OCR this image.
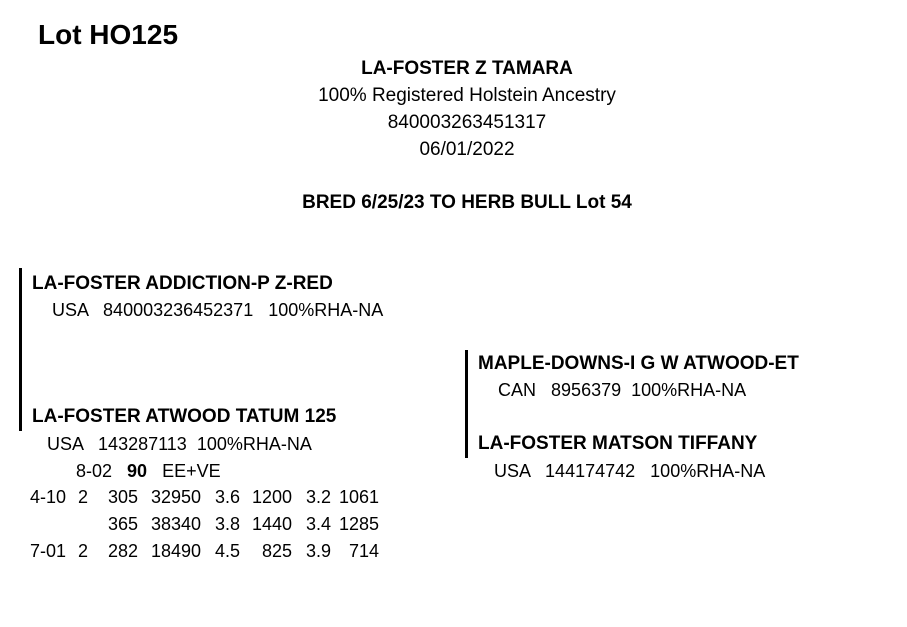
Lot HO125
LA-FOSTER Z TAMARA
100% Registered Holstein Ancestry
840003263451317
06/01/2022
BRED 6/25/23 TO HERB BULL Lot 54
LA-FOSTER ADDICTION-P Z-RED
USA 840003236452371 100%RHA-NA
MAPLE-DOWNS-I G W ATWOOD-ET
CAN 8956379 100%RHA-NA
LA-FOSTER ATWOOD TATUM 125
USA 143287113 100%RHA-NA
8-02 90 EE+VE
LA-FOSTER MATSON TIFFANY
USA 144174742 100%RHA-NA
4-10	2	305	32950	3.6	1200	3.2	1061
		365	38340	3.8	1440	3.4	1285
7-01	2	282	18490	4.5	825	3.9	714
